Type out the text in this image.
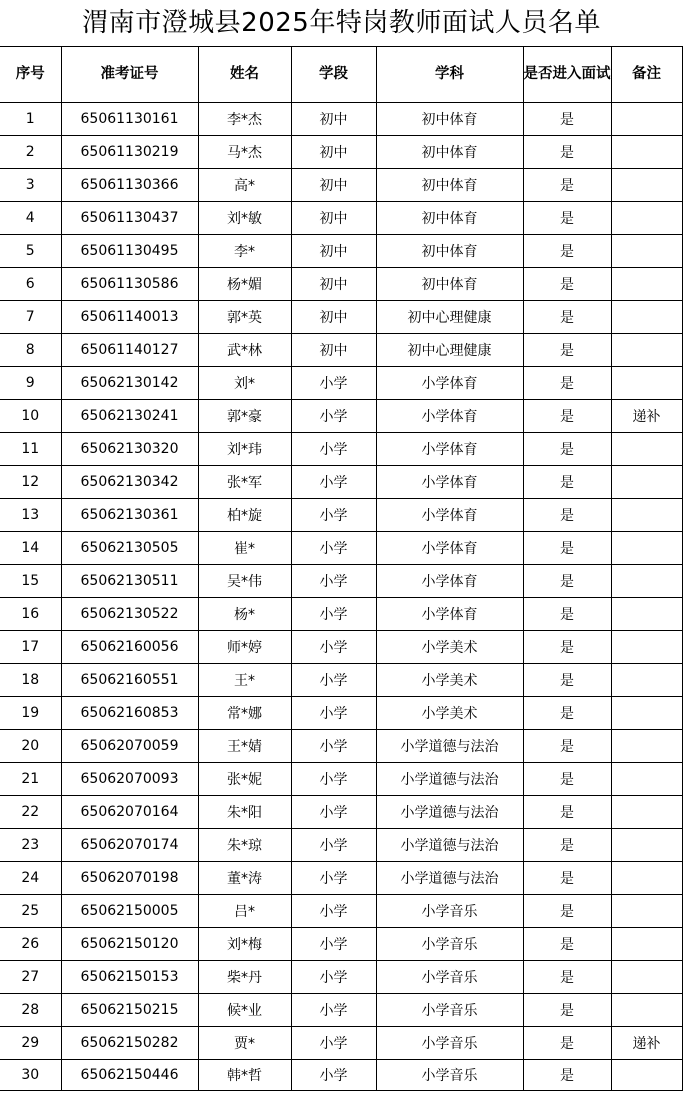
渭南市澄城县2025年特岗教师面试人员名单
序号	准考证号	姓名	学段	学科	是否进入面试	备注
1	65061130161	李*杰	初中	初中体育	是	
2	65061130219	马*杰	初中	初中体育	是	
3	65061130366	高*	初中	初中体育	是	
4	65061130437	刘*敏	初中	初中体育	是	
5	65061130495	李*	初中	初中体育	是	
6	65061130586	杨*媚	初中	初中体育	是	
7	65061140013	郭*英	初中	初中心理健康	是	
8	65061140127	武*林	初中	初中心理健康	是	
9	65062130142	刘*	小学	小学体育	是	
10	65062130241	郭*豪	小学	小学体育	是	递补
11	65062130320	刘*玮	小学	小学体育	是	
12	65062130342	张*军	小学	小学体育	是	
13	65062130361	柏*旋	小学	小学体育	是	
14	65062130505	崔*	小学	小学体育	是	
15	65062130511	吴*伟	小学	小学体育	是	
16	65062130522	杨*	小学	小学体育	是	
17	65062160056	师*婷	小学	小学美术	是	
18	65062160551	王*	小学	小学美术	是	
19	65062160853	常*娜	小学	小学美术	是	
20	65062070059	王*婧	小学	小学道德与法治	是	
21	65062070093	张*妮	小学	小学道德与法治	是	
22	65062070164	朱*阳	小学	小学道德与法治	是	
23	65062070174	朱*琼	小学	小学道德与法治	是	
24	65062070198	董*涛	小学	小学道德与法治	是	
25	65062150005	吕*	小学	小学音乐	是	
26	65062150120	刘*梅	小学	小学音乐	是	
27	65062150153	柴*丹	小学	小学音乐	是	
28	65062150215	候*业	小学	小学音乐	是	
29	65062150282	贾*	小学	小学音乐	是	递补
30	65062150446	韩*哲	小学	小学音乐	是	
